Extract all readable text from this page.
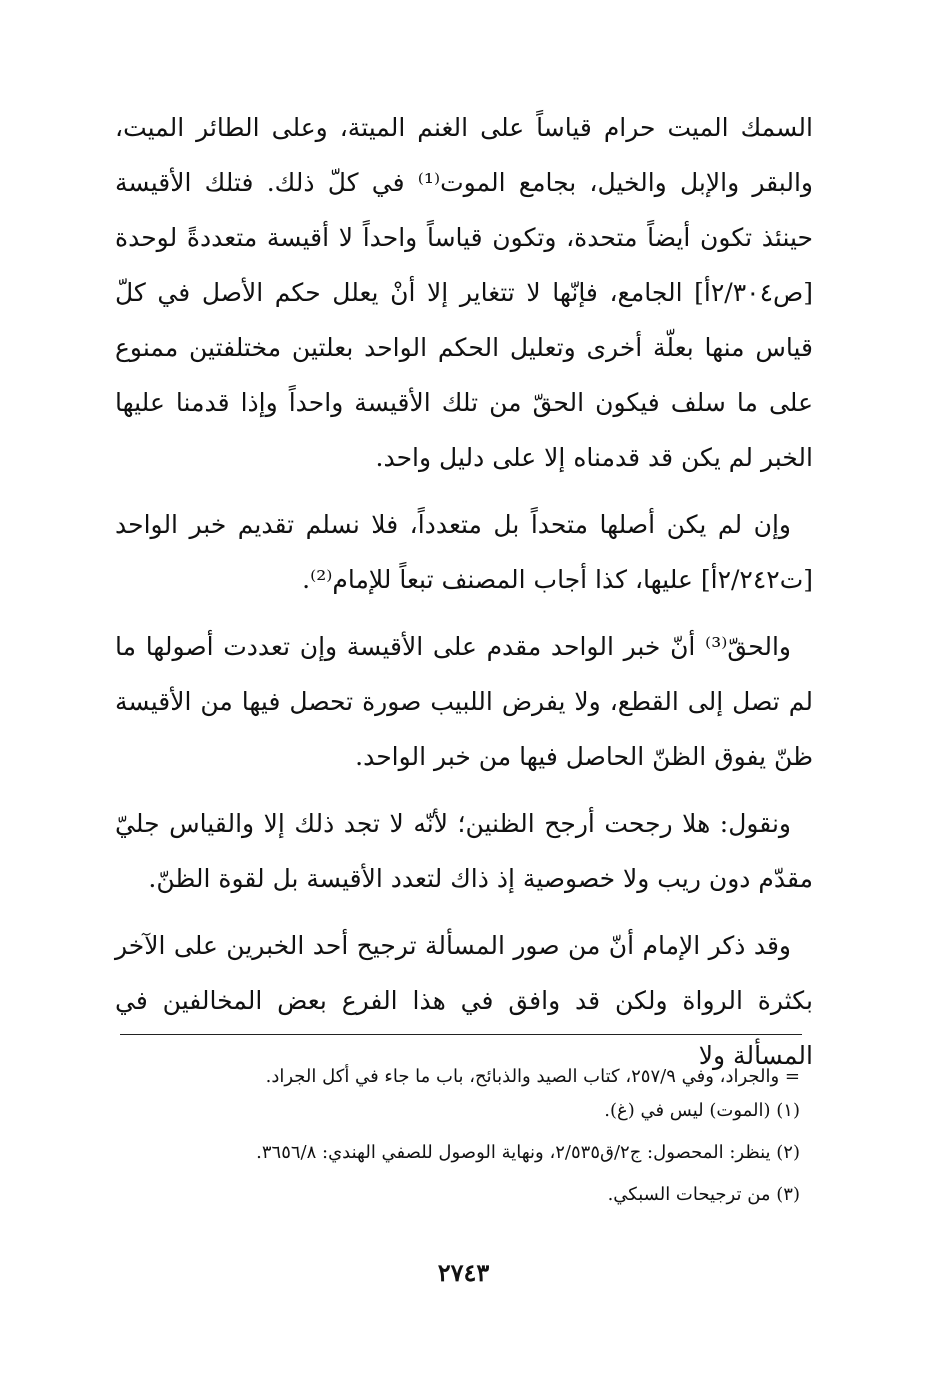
السمك الميت حرام قياساً على الغنم الميتة، وعلى الطائر الميت، والبقر والإبل والخيل، بجامع الموت⁽¹⁾ في كلّ ذلك. فتلك الأقيسة حينئذ تكون أيضاً متحدة، وتكون قياساً واحداً لا أقيسة متعددةً لوحدة [ص٢/٣٠٤أ] الجامع، فإنّها لا تتغاير إلا أنْ يعلل حكم الأصل في كلّ قياس منها بعلّة أخرى وتعليل الحكم الواحد بعلتين مختلفتين ممنوع على ما سلف فيكون الحقّ من تلك الأقيسة واحداً وإذا قدمنا عليها الخبر لم يكن قد قدمناه إلا على دليل واحد.

وإن لم يكن أصلها متحداً بل متعدداً، فلا نسلم تقديم خبر الواحد [ت٢/٢٤٢أ] عليها، كذا أجاب المصنف تبعاً للإمام⁽²⁾.

والحقّ⁽³⁾ أنّ خبر الواحد مقدم على الأقيسة وإن تعددت أصولها ما لم تصل إلى القطع، ولا يفرض اللبيب صورة تحصل فيها من الأقيسة ظنّ يفوق الظنّ الحاصل فيها من خبر الواحد.

ونقول: هلا رجحت أرجح الظنين؛ لأنّه لا تجد ذلك إلا والقياس جليّ مقدّم دون ريب ولا خصوصية إذ ذاك لتعدد الأقيسة بل لقوة الظنّ.

وقد ذكر الإمام أنّ من صور المسألة ترجيح أحد الخبرين على الآخر بكثرة الرواة ولكن قد وافق في هذا الفرع بعض المخالفين في المسألة ولا

= والجراد، وفي ٢٥٧/٩، كتاب الصيد والذبائح، باب ما جاء في أكل الجراد.

(١) (الموت) ليس في (غ).

(٢) ينظر: المحصول: ج٢/ق٢/٥٣٥، ونهاية الوصول للصفي الهندي: ٣٦٥٦/٨.

(٣) من ترجيحات السبكي.

٢٧٤٣
